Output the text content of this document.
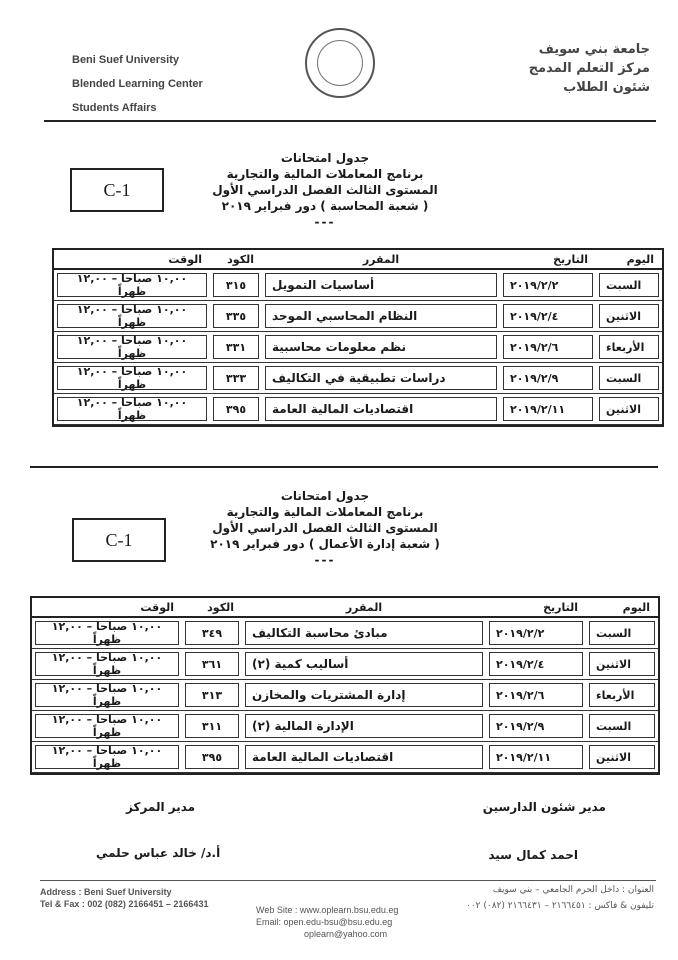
Beni Suef University
Blended Learning Center
Students Affairs
جامعة بني سويف
مركز التعلم المدمج
شئون الطلاب
C-1
جدول امتحانات
برنامج المعاملات المالية والتجارية
المستوى الثالث الفصل الدراسي الأول
( شعبة المحاسبة ) دور فبراير ٢٠١٩
---
اليوم	التاريخ	المقرر	الكود	الوقت

السبت	٢٠١٩/٢/٢	أساسيات التمويل	٣١٥	١٠,٠٠ صباحا – ١٢,٠٠ ظهراً

الاثنين	٢٠١٩/٢/٤	النظام المحاسبي الموحد	٣٣٥	١٠,٠٠ صباحا – ١٢,٠٠ ظهراً

الأربعاء	٢٠١٩/٢/٦	نظم معلومات محاسبية	٣٣١	١٠,٠٠ صباحا – ١٢,٠٠ ظهراً

السبت	٢٠١٩/٢/٩	دراسات تطبيقية في التكاليف	٣٣٣	١٠,٠٠ صباحا – ١٢,٠٠ ظهراً

الاثنين	٢٠١٩/٢/١١	اقتصاديات المالية العامة	٣٩٥	١٠,٠٠ صباحا – ١٢,٠٠ ظهراً
C-1
جدول امتحانات
برنامج المعاملات المالية والتجارية
المستوى الثالث الفصل الدراسي الأول
( شعبة إدارة الأعمال ) دور فبراير ٢٠١٩
---
اليوم	التاريخ	المقرر	الكود	الوقت

السبت	٢٠١٩/٢/٢	مبادئ محاسبة التكاليف	٣٤٩	١٠,٠٠ صباحا – ١٢,٠٠ ظهراً

الاثنين	٢٠١٩/٢/٤	أساليب كمية (٢)	٣٦١	١٠,٠٠ صباحا – ١٢,٠٠ ظهراً

الأربعاء	٢٠١٩/٢/٦	إدارة المشتريات والمخازن	٣١٣	١٠,٠٠ صباحا – ١٢,٠٠ ظهراً

السبت	٢٠١٩/٢/٩	الإدارة المالية (٢)	٣١١	١٠,٠٠ صباحا – ١٢,٠٠ ظهراً

الاثنين	٢٠١٩/٢/١١	اقتصاديات المالية العامة	٣٩٥	١٠,٠٠ صباحا – ١٢,٠٠ ظهراً
مدير شئون الدارسين
احمد كمال سيد
مدير المركز
أ.د/ خالد عباس حلمي
Address : Beni Suef University
Tel & Fax : 002 (082) 2166451 – 2166431
Web Site : www.oplearn.bsu.edu.eg
Email: open.edu-bsu@bsu.edu.eg
oplearn@yahoo.com
العنوان : داخل الحرم الجامعي – بني سويف
تليفون & فاكس : ٢١٦٦٤٥١ – ٢١٦٦٤٣١ (٠٨٢) ٠٠٢
